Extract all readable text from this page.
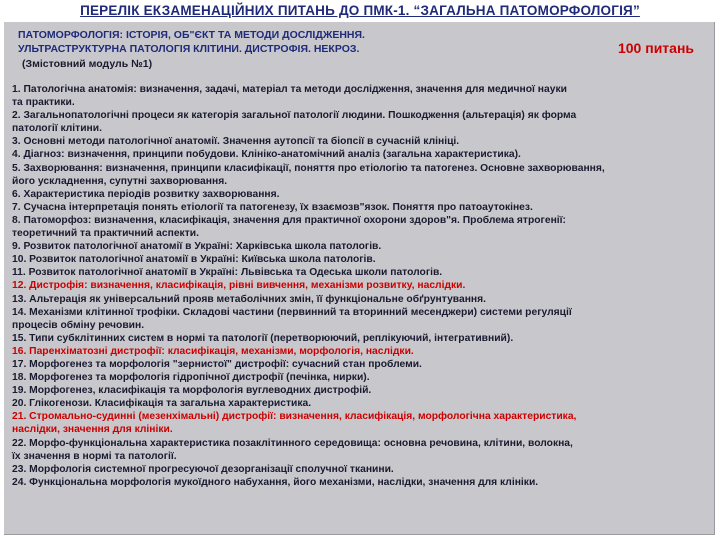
ПЕРЕЛІК ЕКЗАМЕНАЦІЙНИХ ПИТАНЬ ДО ПМК-1. “ЗАГАЛЬНА ПАТОМОРФОЛОГІЯ”
ПАТОМОРФОЛОГІЯ: ІСТОРІЯ, ОБ"ЄКТ ТА МЕТОДИ ДОСЛІДЖЕННЯ.
УЛЬТРАСТРУКТУРНА ПАТОЛОГІЯ КЛІТИНИ. ДИСТРОФІЯ. НЕКРОЗ.	100 питань
(Змістовний модуль №1)
1. Патологічна анатомія: визначення, задачі, матеріал та методи дослідження, значення для медичної науки
та практики.
2. Загальнопатологічні процеси як категорія загальної патології людини. Пошкодження (альтерація) як форма
патології клітини.
3. Основні методи патологічної анатомії. Значення аутопсії та біопсії в сучасній клініці.
4. Діагноз: визначення, принципи побудови. Клініко-анатомічний аналіз (загальна характеристика).
5. Захворювання: визначення, принципи класифікації, поняття про етіологію та патогенез. Основне захворювання,
його ускладнення, супутні захворювання.
6. Характеристика періодів розвитку захворювання.
7. Сучасна інтерпретація понять етіології та патогенезу, їх взаємозв"язок. Поняття про патоаутокінез.
8. Патоморфоз: визначення, класифікація, значення для практичної охорони здоров"я. Проблема ятрогенії:
теоретичний та практичний аспекти.
9. Розвиток патологічної анатомії в Україні: Харківська школа патологів.
10. Розвиток патологічної анатомії в Україні: Київська школа патологів.
11. Розвиток патологічної анатомії в Україні: Львівська та Одеська школи патологів.
12. Дистрофія: визначення, класифікація, рівні вивчення, механізми розвитку, наслідки.
13. Альтерація як універсальний прояв метаболічних змін, її функціональне обґрунтування.
14. Механізми клітинної трофіки. Складові частини (первинний та вторинний месенджери) системи регуляції
процесів обміну речовин.
15. Типи субклітинних систем в нормі та патології (перетворюючий, реплікуючий, інтегративний).
16. Паренхіматозні дистрофії: класифікація, механізми, морфологія, наслідки.
17. Морфогенез та морфологія "зернистої" дистрофії: сучасний стан проблеми.
18. Морфогенез та морфологія гідропічної дистрофії (печінка, нирки).
19. Морфогенез, класифікація та морфологія вуглеводних дистрофій.
20. Глікогенози. Класифікація та загальна характеристика.
21. Стромально-судинні (мезенхімальні) дистрофії: визначення, класифікація, морфологічна характеристика,
наслідки, значення для клініки.
22. Морфо-функціональна характеристика позаклітинного середовища: основна речовина, клітини, волокна,
їх значення в нормі та патології.
23. Морфологія системної прогресуючої дезорганізації сполучної тканини.
24. Функціональна морфологія мукоїдного набухання, його механізми, наслідки, значення для клініки.
